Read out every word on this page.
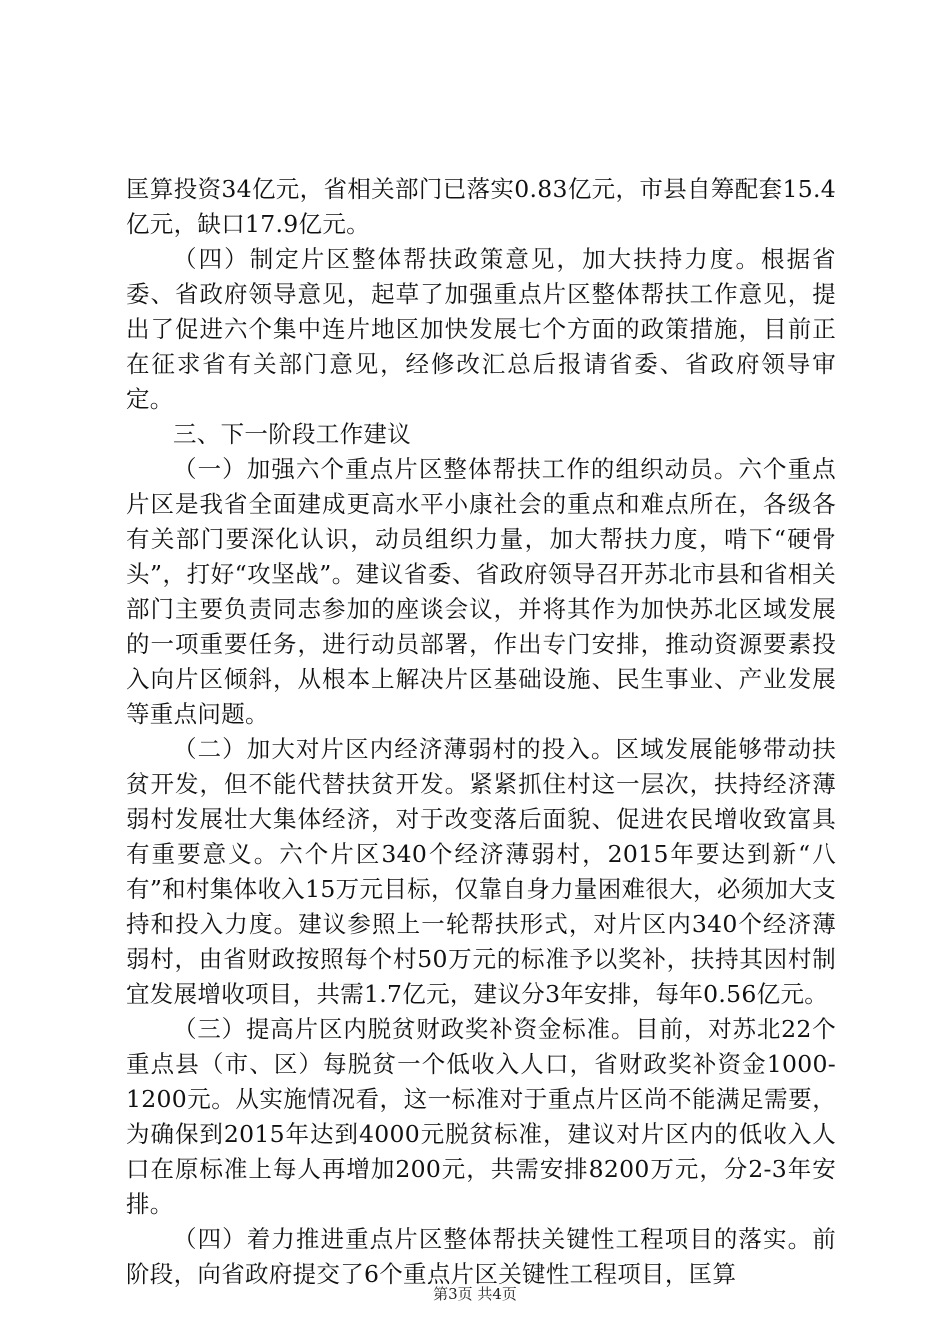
匡算投资34亿元，省相关部门已落实0.83亿元，市县自筹配套15.4亿元，缺口17.9亿元。

（四）制定片区整体帮扶政策意见，加大扶持力度。根据省委、省政府领导意见，起草了加强重点片区整体帮扶工作意见，提出了促进六个集中连片地区加快发展七个方面的政策措施，目前正在征求省有关部门意见，经修改汇总后报请省委、省政府领导审定。

三、下一阶段工作建议

（一）加强六个重点片区整体帮扶工作的组织动员。六个重点片区是我省全面建成更高水平小康社会的重点和难点所在，各级各有关部门要深化认识，动员组织力量，加大帮扶力度，啃下“硬骨头”，打好“攻坚战”。建议省委、省政府领导召开苏北市县和省相关部门主要负责同志参加的座谈会议，并将其作为加快苏北区域发展的一项重要任务，进行动员部署，作出专门安排，推动资源要素投入向片区倾斜，从根本上解决片区基础设施、民生事业、产业发展等重点问题。

（二）加大对片区内经济薄弱村的投入。区域发展能够带动扶贫开发，但不能代替扶贫开发。紧紧抓住村这一层次，扶持经济薄弱村发展壮大集体经济，对于改变落后面貌、促进农民增收致富具有重要意义。六个片区340个经济薄弱村，2015年要达到新“八有”和村集体收入15万元目标，仅靠自身力量困难很大，必须加大支持和投入力度。建议参照上一轮帮扶形式，对片区内340个经济薄弱村，由省财政按照每个村50万元的标准予以奖补，扶持其因村制宜发展增收项目，共需1.7亿元，建议分3年安排，每年0.56亿元。

（三）提高片区内脱贫财政奖补资金标准。目前，对苏北22个重点县（市、区）每脱贫一个低收入人口，省财政奖补资金1000-1200元。从实施情况看，这一标准对于重点片区尚不能满足需要，为确保到2015年达到4000元脱贫标准，建议对片区内的低收入人口在原标准上每人再增加200元，共需安排8200万元，分2-3年安排。

（四）着力推进重点片区整体帮扶关键性工程项目的落实。前阶段，向省政府提交了6个重点片区关键性工程项目，匡算

第3页 共4页
